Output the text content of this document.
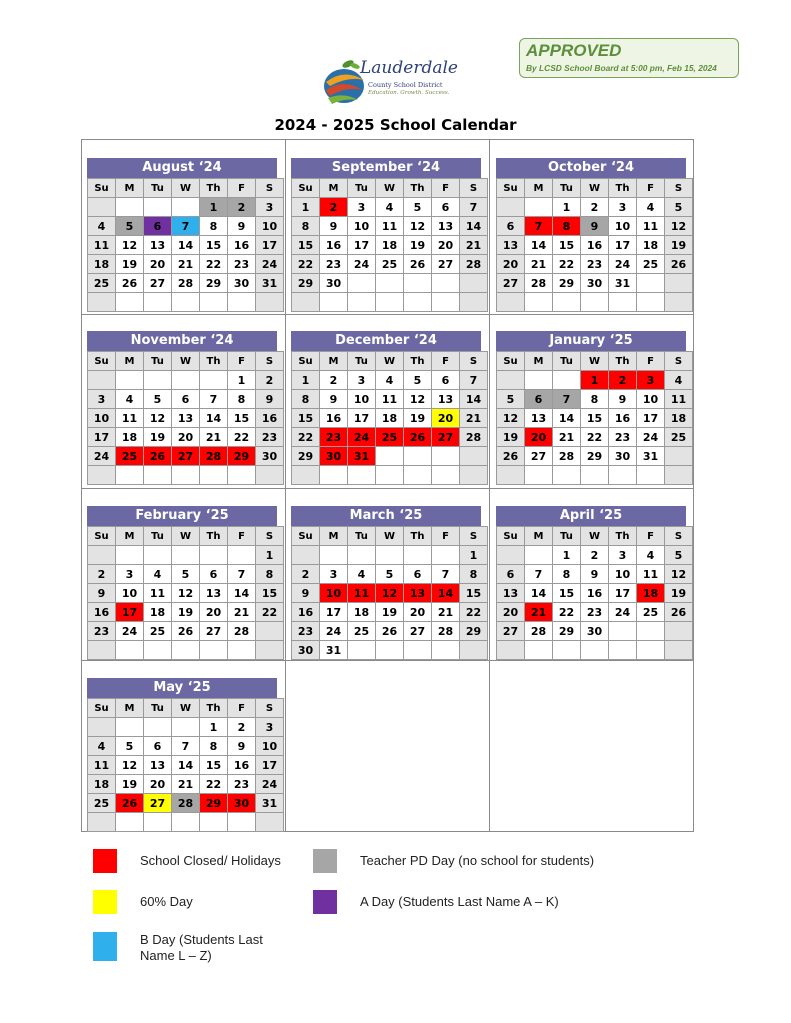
APPROVED
By LCSD School Board at 5:00 pm, Feb 15, 2024
Lauderdale
County School District
Education. Growth. Success.
2024 - 2025 School Calendar
August ‘24
Su	M	Tu	W	Th	F	S
				1	2	3
4	5	6	7	8	9	10
11	12	13	14	15	16	17
18	19	20	21	22	23	24
25	26	27	28	29	30	31

September ‘24
Su	M	Tu	W	Th	F	S
1	2	3	4	5	6	7
8	9	10	11	12	13	14
15	16	17	18	19	20	21
22	23	24	25	26	27	28
29	30					

October ‘24
Su	M	Tu	W	Th	F	S
		1	2	3	4	5
6	7	8	9	10	11	12
13	14	15	16	17	18	19
20	21	22	23	24	25	26
27	28	29	30	31		

November ‘24
Su	M	Tu	W	Th	F	S
					1	2
3	4	5	6	7	8	9
10	11	12	13	14	15	16
17	18	19	20	21	22	23
24	25	26	27	28	29	30

December ‘24
Su	M	Tu	W	Th	F	S
1	2	3	4	5	6	7
8	9	10	11	12	13	14
15	16	17	18	19	20	21
22	23	24	25	26	27	28
29	30	31				

January ‘25
Su	M	Tu	W	Th	F	S
			1	2	3	4
5	6	7	8	9	10	11
12	13	14	15	16	17	18
19	20	21	22	23	24	25
26	27	28	29	30	31	

February ‘25
Su	M	Tu	W	Th	F	S
						1
2	3	4	5	6	7	8
9	10	11	12	13	14	15
16	17	18	19	20	21	22
23	24	25	26	27	28	

March ‘25
Su	M	Tu	W	Th	F	S
						1
2	3	4	5	6	7	8
9	10	11	12	13	14	15
16	17	18	19	20	21	22
23	24	25	26	27	28	29
30	31					
April ‘25
Su	M	Tu	W	Th	F	S
		1	2	3	4	5
6	7	8	9	10	11	12
13	14	15	16	17	18	19
20	21	22	23	24	25	26
27	28	29	30			

May ‘25
Su	M	Tu	W	Th	F	S
				1	2	3
4	5	6	7	8	9	10
11	12	13	14	15	16	17
18	19	20	21	22	23	24
25	26	27	28	29	30	31

School Closed/ Holidays	Teacher PD Day (no school for students)
60% Day	A Day (Students Last Name A – K)
B Day (Students Last Name L – Z)
